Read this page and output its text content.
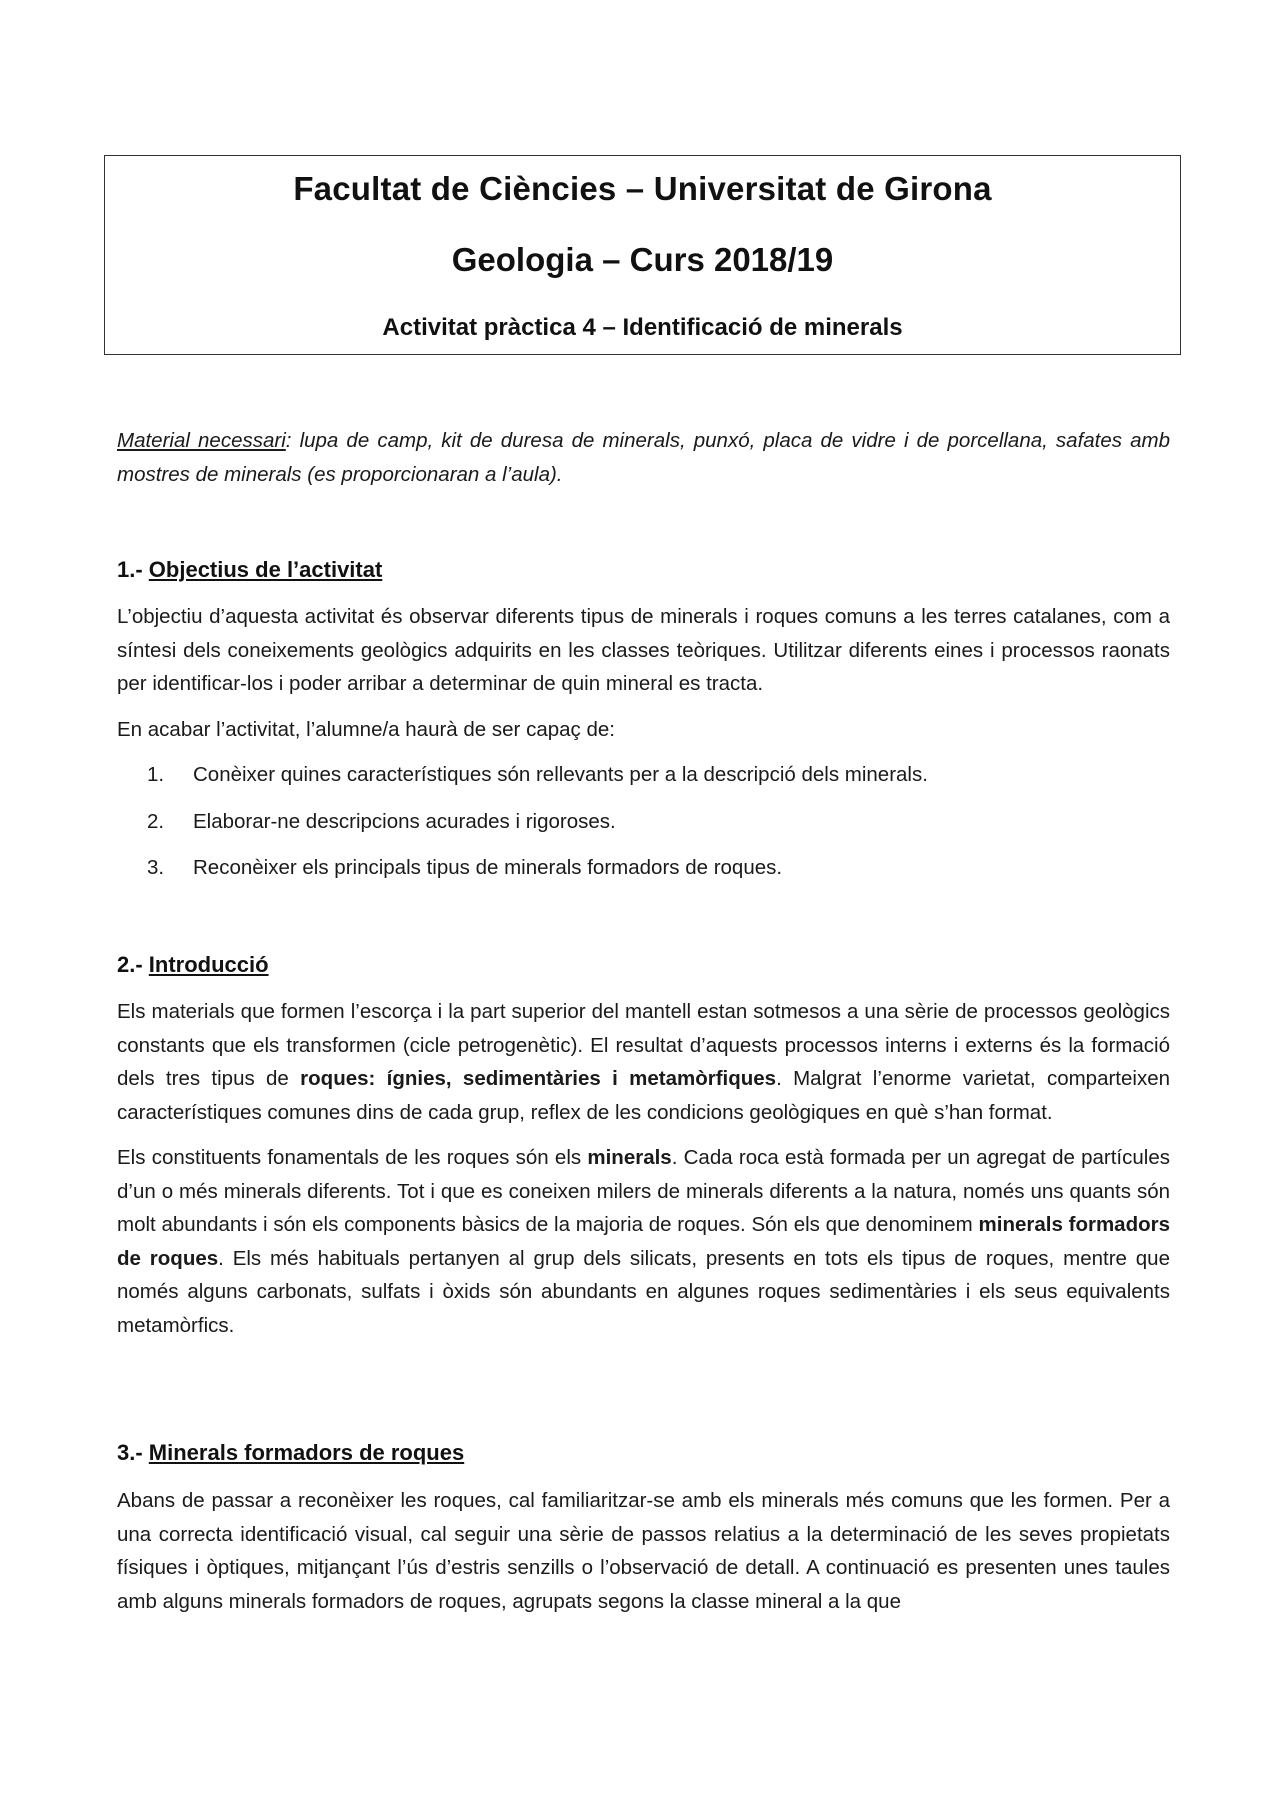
Facultat de Ciències – Universitat de Girona
Geologia – Curs 2018/19
Activitat pràctica 4 – Identificació de minerals
Material necessari: lupa de camp, kit de duresa de minerals, punxó, placa de vidre i de porcellana, safates amb mostres de minerals (es proporcionaran a l’aula).
1.- Objectius de l’activitat

L’objectiu d’aquesta activitat és observar diferents tipus de minerals i roques comuns a les terres catalanes, com a síntesi dels coneixements geològics adquirits en les classes teòriques. Utilitzar diferents eines i processos raonats per identificar-los i poder arribar a determinar de quin mineral es tracta.

En acabar l’activitat, l’alumne/a haurà de ser capaç de:

1. Conèixer quines característiques són rellevants per a la descripció dels minerals.
2. Elaborar-ne descripcions acurades i rigoroses.
3. Reconèixer els principals tipus de minerals formadors de roques.
2.- Introducció

Els materials que formen l’escorça i la part superior del mantell estan sotmesos a una sèrie de processos geològics constants que els transformen (cicle petrogenètic). El resultat d’aquests processos interns i externs és la formació dels tres tipus de roques: ígnies, sedimentàries i metamòrfiques. Malgrat l’enorme varietat, comparteixen característiques comunes dins de cada grup, reflex de les condicions geològiques en què s’han format.

Els constituents fonamentals de les roques són els minerals. Cada roca està formada per un agregat de partícules d’un o més minerals diferents. Tot i que es coneixen milers de minerals diferents a la natura, només uns quants són molt abundants i són els components bàsics de la majoria de roques. Són els que denominem minerals formadors de roques. Els més habituals pertanyen al grup dels silicats, presents en tots els tipus de roques, mentre que només alguns carbonats, sulfats i òxids són abundants en algunes roques sedimentàries i els seus equivalents metamòrfics.

3.- Minerals formadors de roques

Abans de passar a reconèixer les roques, cal familiaritzar-se amb els minerals més comuns que les formen. Per a una correcta identificació visual, cal seguir una sèrie de passos relatius a la determinació de les seves propietats físiques i òptiques, mitjançant l’ús d’estris senzills o l’observació de detall. A continuació es presenten unes taules amb alguns minerals formadors de roques, agrupats segons la classe mineral a la que
